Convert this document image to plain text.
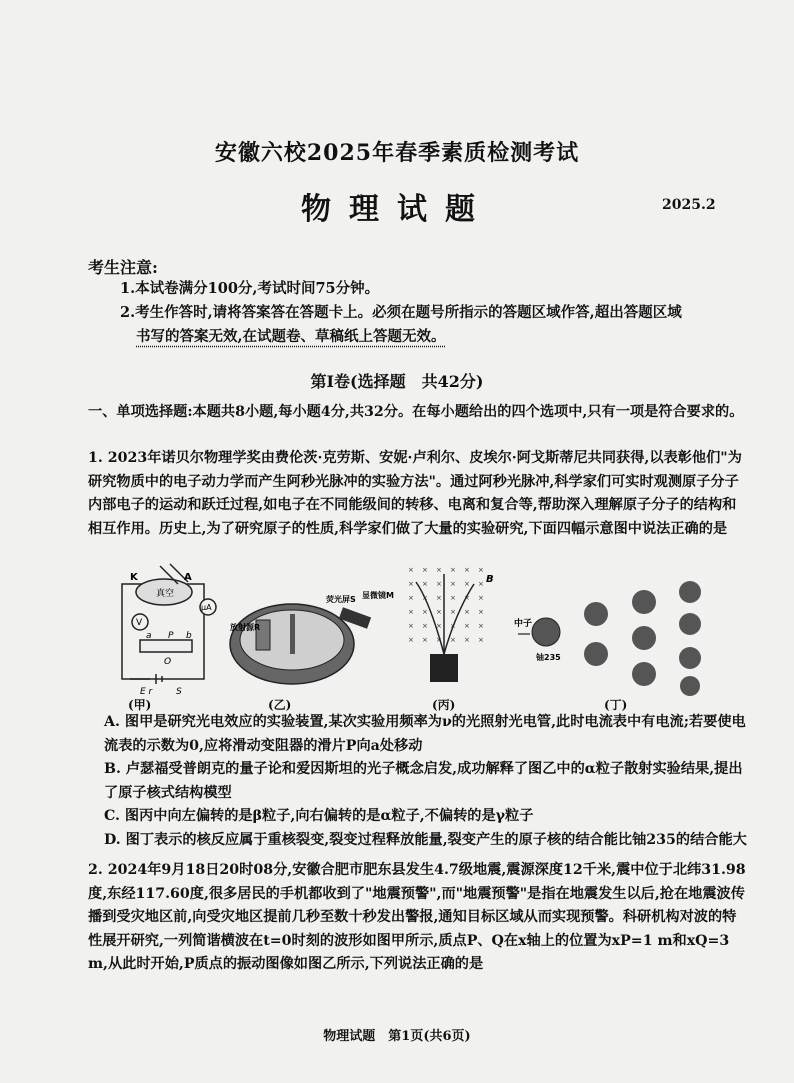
安徽六校2025年春季素质检测考试
物理试题	2025.2
考生注意:
1.本试卷满分100分,考试时间75分钟。
2.考生作答时,请将答案答在答题卡上。必须在题号所指示的答题区域作答,超出答题区域
书写的答案无效,在试题卷、草稿纸上答题无效。
第Ⅰ卷(选择题　共42分)
一、单项选择题:本题共8小题,每小题4分,共32分。在每小题给出的四个选项中,只有一项是符合要求的。
1. 2023年诺贝尔物理学奖由费伦茨·克劳斯、安妮·卢利尔、皮埃尔·阿戈斯蒂尼共同获得,以表彰他们"为研究物质中的电子动力学而产生阿秒光脉冲的实验方法"。通过阿秒光脉冲,科学家们可实时观测原子分子内部电子的运动和跃迁过程,如电子在不同能级间的转移、电离和复合等,帮助深入理解原子分子的结构和相互作用。历史上,为了研究原子的性质,科学家们做了大量的实验研究,下面四幅示意图中说法正确的是
K	A
真空
μA
V
P
a	b
O
E r	S
放射源R
荧光屏S 显微镜M
× × × × × ×
× × × × × ×
× × × × × ×
× × × × × ×
× × × × × ×
× × × × × ×
B
中子
铀235
(甲)	(乙)	(丙)	(丁)
A. 图甲是研究光电效应的实验装置,某次实验用频率为ν的光照射光电管,此时电流表中有电流;若要使电流表的示数为0,应将滑动变阻器的滑片P向a处移动
B. 卢瑟福受普朗克的量子论和爱因斯坦的光子概念启发,成功解释了图乙中的α粒子散射实验结果,提出了原子核式结构模型
C. 图丙中向左偏转的是β粒子,向右偏转的是α粒子,不偏转的是γ粒子
D. 图丁表示的核反应属于重核裂变,裂变过程释放能量,裂变产生的原子核的结合能比铀235的结合能大
2. 2024年9月18日20时08分,安徽合肥市肥东县发生4.7级地震,震源深度12千米,震中位于北纬31.98度,东经117.60度,很多居民的手机都收到了"地震预警",而"地震预警"是指在地震发生以后,抢在地震波传播到受灾地区前,向受灾地区提前几秒至数十秒发出警报,通知目标区域从而实现预警。科研机构对波的特性展开研究,一列简谐横波在t=0时刻的波形如图甲所示,质点P、Q在x轴上的位置为xP=1 m和xQ=3 m,从此时开始,P质点的振动图像如图乙所示,下列说法正确的是
物理试题　第1页(共6页)
